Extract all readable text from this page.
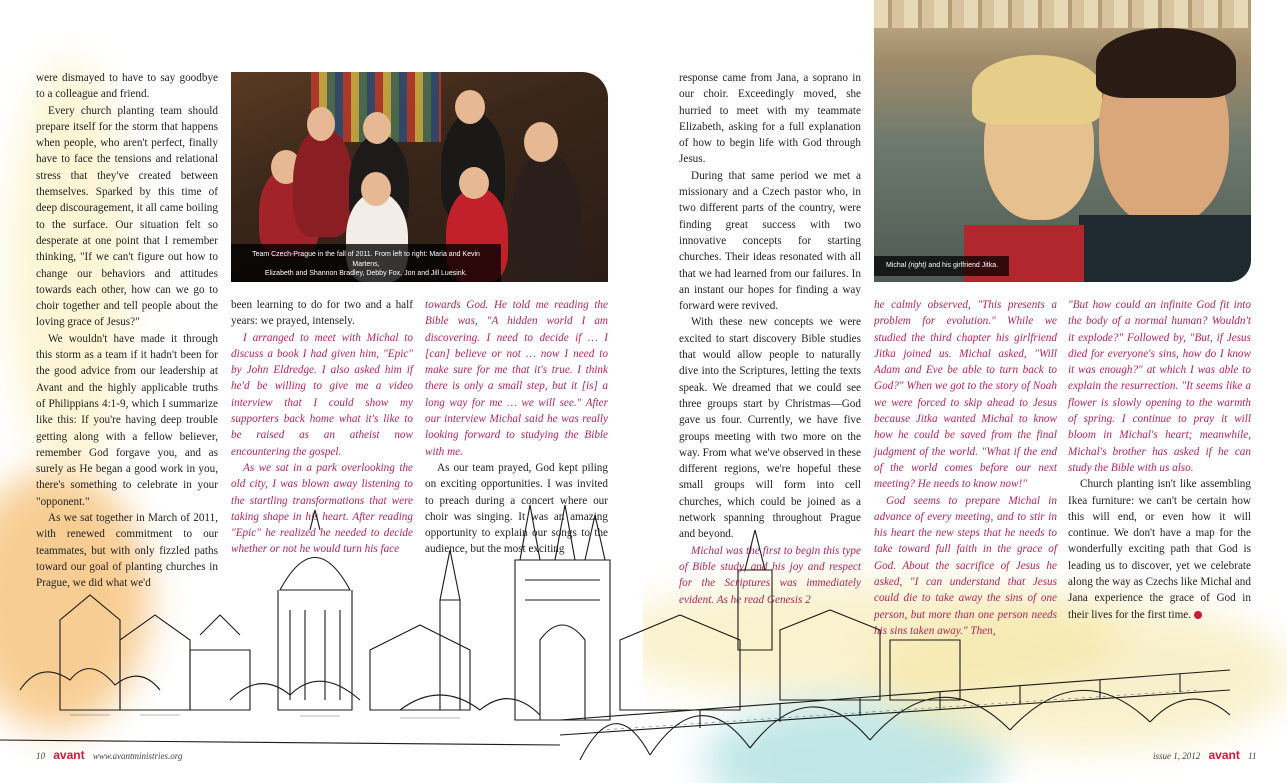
were dismayed to have to say goodbye to a colleague and friend.

Every church planting team should prepare itself for the storm that happens when people, who aren't perfect, finally have to face the tensions and relational stress that they've created between themselves. Sparked by this time of deep discouragement, it all came boiling to the surface. Our situation felt so desperate at one point that I remember thinking, "If we can't figure out how to change our behaviors and attitudes towards each other, how can we go to choir together and tell people about the loving grace of Jesus?"

We wouldn't have made it through this storm as a team if it hadn't been for the good advice from our leadership at Avant and the highly applicable truths of Philippians 4:1-9, which I summarize like this: If you're having deep trouble getting along with a fellow believer, remember God forgave you, and as surely as He began a good work in you, there's something to celebrate in your "opponent."

As we sat together in March of 2011, with renewed commitment to our teammates, but with only fizzled paths toward our goal of planting churches in Prague, we did what we'd

Team Czech-Prague in the fall of 2011. From left to right: Maria and Kevin Martens,
Elizabeth and Shannon Bradley, Debby Fox, Jon and Jill Luesink.

been learning to do for two and a half years: we prayed, intensely.

I arranged to meet with Michal to discuss a book I had given him, "Epic" by John Eldredge. I also asked him if he'd be willing to give me a video interview that I could show my supporters back home what it's like to be raised as an atheist now encountering the gospel.

As we sat in a park overlooking the old city, I was blown away listening to the startling transformations that were taking shape in his heart. After reading "Epic" he realized he needed to decide whether or not he would turn his face

towards God. He told me reading the Bible was, "A hidden world I am discovering. I need to decide if … I [can] believe or not … now I need to make sure for me that it's true. I think there is only a small step, but it [is] a long way for me … we will see." After our interview Michal said he was really looking forward to studying the Bible with me.

As our team prayed, God kept piling on exciting opportunities. I was invited to preach during a concert where our choir was singing. It was an amazing opportunity to explain our songs to the audience, but the most exciting

10 avant www.avantministries.org

response came from Jana, a soprano in our choir. Exceedingly moved, she hurried to meet with my teammate Elizabeth, asking for a full explanation of how to begin life with God through Jesus.

During that same period we met a missionary and a Czech pastor who, in two different parts of the country, were finding great success with two innovative concepts for starting churches. Their ideas resonated with all that we had learned from our failures. In an instant our hopes for finding a way forward were revived.

With these new concepts we were excited to start discovery Bible studies that would allow people to naturally dive into the Scriptures, letting the texts speak. We dreamed that we could see three groups start by Christmas—God gave us four. Currently, we have five groups meeting with two more on the way. From what we've observed in these different regions, we're hopeful these small groups will form into cell churches, which could be joined as a network spanning throughout Prague and beyond.

Michal was the first to begin this type of Bible study, and his joy and respect for the Scriptures was immediately evident. As he read Genesis 2

Michal (right) and his girlfriend Jitka.

he calmly observed, "This presents a problem for evolution." While we studied the third chapter his girlfriend Jitka joined us. Michal asked, "Will Adam and Eve be able to turn back to God?" When we got to the story of Noah we were forced to skip ahead to Jesus because Jitka wanted Michal to know how he could be saved from the final judgment of the world. "What if the end of the world comes before our next meeting? He needs to know now!"

God seems to prepare Michal in advance of every meeting, and to stir in his heart the new steps that he needs to take toward full faith in the grace of God. About the sacrifice of Jesus he asked, "I can understand that Jesus could die to take away the sins of one person, but more than one person needs his sins taken away." Then,

"But how could an infinite God fit into the body of a normal human? Wouldn't it explode?" Followed by, "But, if Jesus died for everyone's sins, how do I know it was enough?" at which I was able to explain the resurrection. "It seems like a flower is slowly opening to the warmth of spring. I continue to pray it will bloom in Michal's heart; meanwhile, Michal's brother has asked if he can study the Bible with us also.

Church planting isn't like assembling Ikea furniture: we can't be certain how this will end, or even how it will continue. We don't have a map for the wonderfully exciting path that God is leading us to discover, yet we celebrate along the way as Czechs like Michal and Jana experience the grace of God in their lives for the first time.

issue 1, 2012 avant 11
